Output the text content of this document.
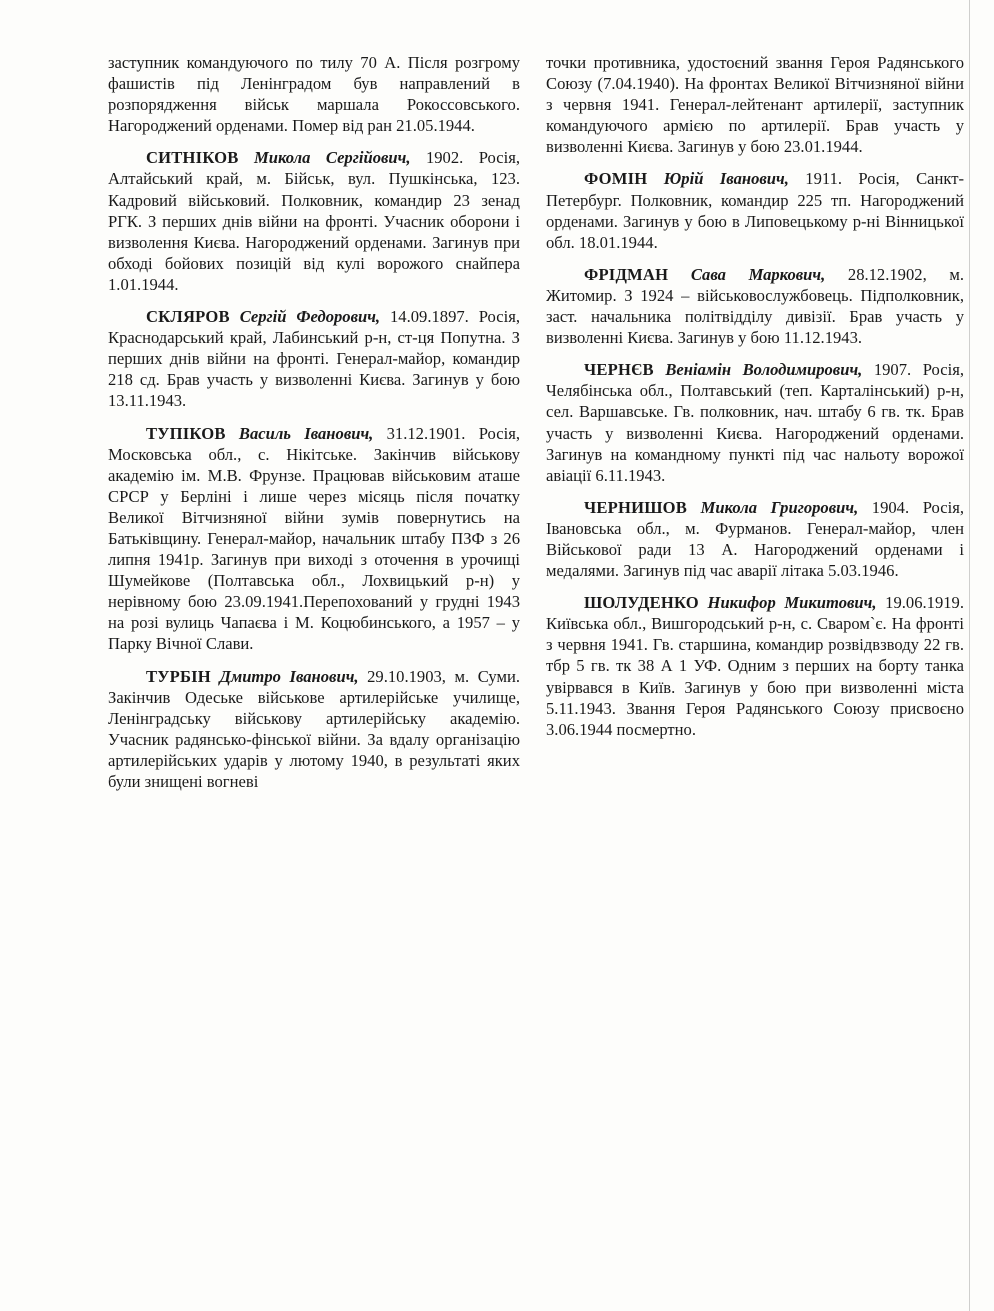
заступник командуючого по тилу 70 А. Після розгрому фашистів під Ленінградом був направлений в розпорядження військ маршала Рокоссовського. Нагороджений орденами. Помер від ран 21.05.1944.

СИТНІКОВ Микола Сергійович, 1902. Росія, Алтайський край, м. Бійськ, вул. Пушкінська, 123. Кадровий військовий. Полковник, командир 23 зенад РГК. З перших днів війни на фронті. Учасник оборони і визволення Києва. Нагороджений орденами. Загинув при обході бойових позицій від кулі ворожого снайпера 1.01.1944.

СКЛЯРОВ Сергій Федорович, 14.09.1897. Росія, Краснодарський край, Лабинський р-н, ст-ця Попутна. З перших днів війни на фронті. Генерал-майор, командир 218 сд. Брав участь у визволенні Києва. Загинув у бою 13.11.1943.

ТУПІКОВ Василь Іванович, 31.12.1901. Росія, Московська обл., с. Нікітське. Закінчив військову академію ім. М.В. Фрунзе. Працював військовим аташе СРСР у Берліні і лише через місяць після початку Великої Вітчизняної війни зумів повернутись на Батьківщину. Генерал-майор, начальник штабу ПЗФ з 26 липня 1941р. Загинув при виході з оточення в урочищі Шумейкове (Полтавська обл., Лохвицький р-н) у нерівному бою 23.09.1941.Перепохований у грудні 1943 на розі вулиць Чапаєва і М. Коцюбинського, а 1957 – у Парку Вічної Слави.

ТУРБІН Дмитро Іванович, 29.10.1903, м. Суми. Закінчив Одеське військове артилерійське училище, Ленінградську військову артилерійську академію. Учасник радянсько-фінської війни. За вдалу організацію артилерійських ударів у лютому 1940, в результаті яких були знищені вогневі

точки противника, удостоєний звання Героя Радянського Союзу (7.04.1940). На фронтах Великої Вітчизняної війни з червня 1941. Генерал-лейтенант артилерії, заступник командуючого армією по артилерії. Брав участь у визволенні Києва. Загинув у бою 23.01.1944.

ФОМІН Юрій Іванович, 1911. Росія, Санкт-Петербург. Полковник, командир 225 тп. Нагороджений орденами. Загинув у бою в Липовецькому р-ні Вінницької обл. 18.01.1944.

ФРІДМАН Сава Маркович, 28.12.1902, м. Житомир. З 1924 – військовослужбовець. Підполковник, заст. начальника політвідділу дивізії. Брав участь у визволенні Києва. Загинув у бою 11.12.1943.

ЧЕРНЄВ Веніамін Володимирович, 1907. Росія, Челябінська обл., Полтавський (теп. Карталінський) р-н, сел. Варшавське. Гв. полковник, нач. штабу 6 гв. тк. Брав участь у визволенні Києва. Нагороджений орденами. Загинув на командному пункті під час нальоту ворожої авіації 6.11.1943.

ЧЕРНИШОВ Микола Григорович, 1904. Росія, Івановська обл., м. Фурманов. Генерал-майор, член Військової ради 13 А. Нагороджений орденами і медалями. Загинув під час аварії літака 5.03.1946.

ШОЛУДЕНКО Никифор Микитович, 19.06.1919. Київська обл., Вишгородський р-н, с. Сваром`є. На фронті з червня 1941. Гв. старшина, командир розвідвзводу 22 гв. тбр 5 гв. тк 38 А 1 УФ. Одним з перших на борту танка увірвався в Київ. Загинув у бою при визволенні міста 5.11.1943. Звання Героя Радянського Союзу присвоєно 3.06.1944 посмертно.
